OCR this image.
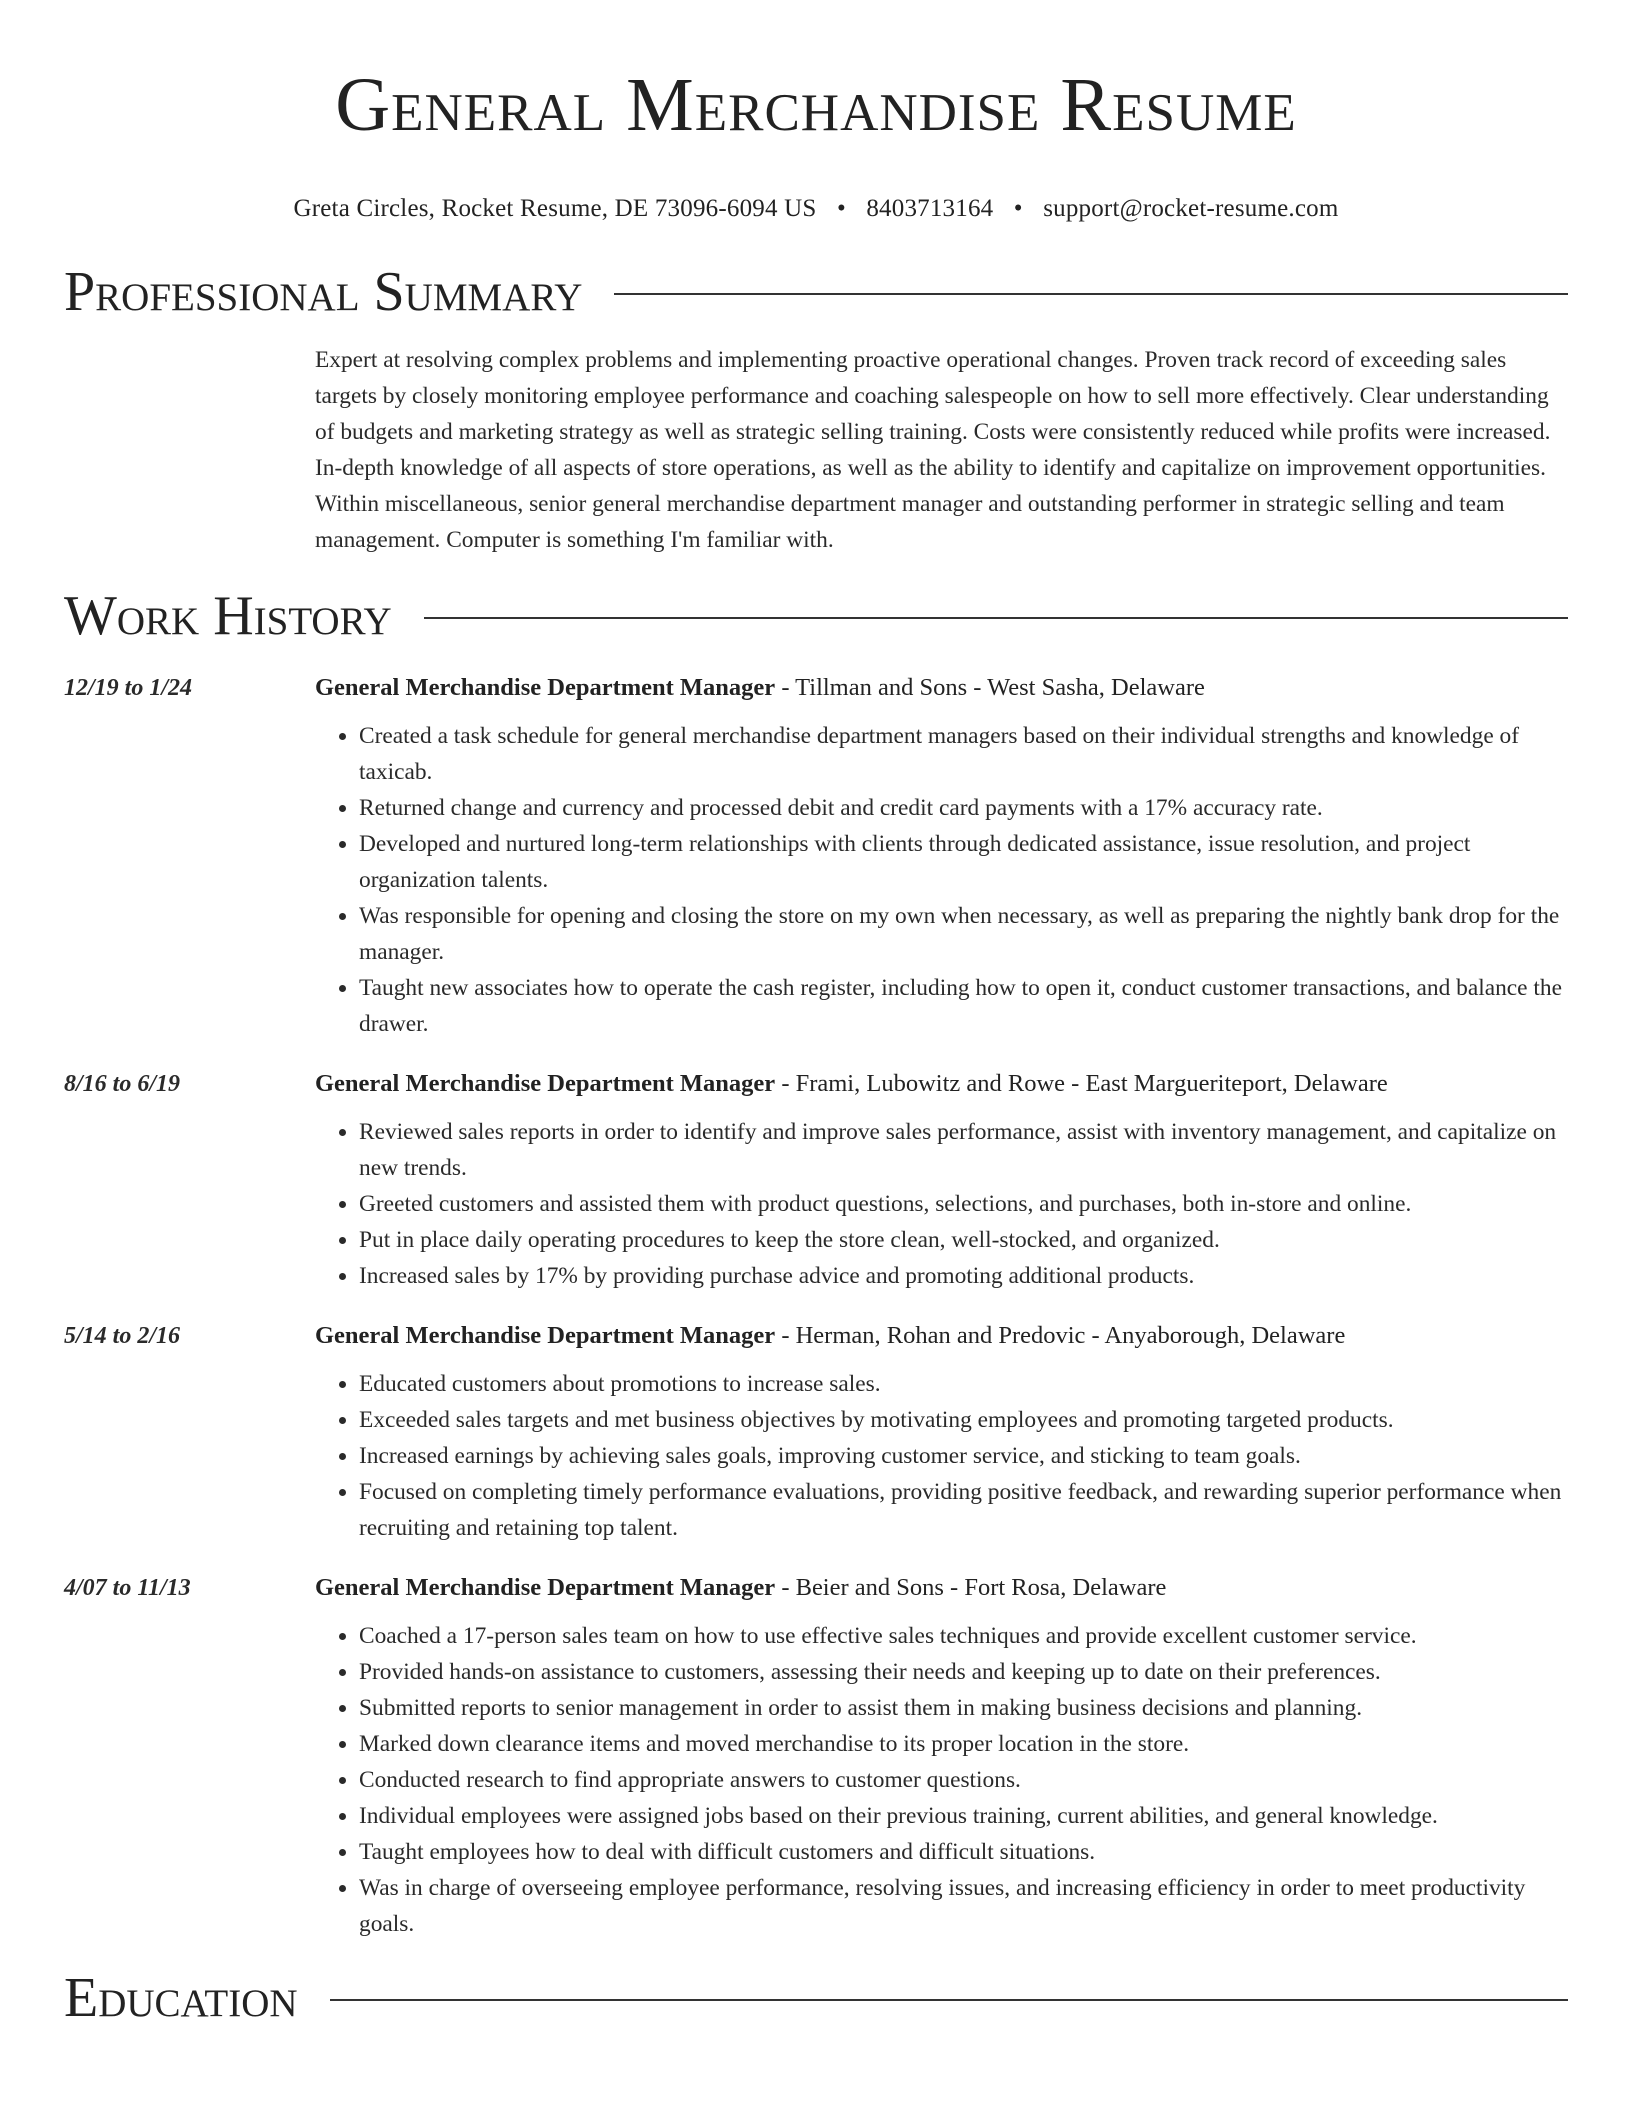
General Merchandise Resume
Greta Circles, Rocket Resume, DE 73096-6094 US • 8403713164 • support@rocket-resume.com
Professional Summary

Expert at resolving complex problems and implementing proactive operational changes. Proven track record of exceeding sales targets by closely monitoring employee performance and coaching salespeople on how to sell more effectively. Clear understanding of budgets and marketing strategy as well as strategic selling training. Costs were consistently reduced while profits were increased. In-depth knowledge of all aspects of store operations, as well as the ability to identify and capitalize on improvement opportunities. Within miscellaneous, senior general merchandise department manager and outstanding performer in strategic selling and team management. Computer is something I'm familiar with.

Work History
12/19 to 1/24	General Merchandise Department Manager - Tillman and Sons - West Sasha, Delaware
• Created a task schedule for general merchandise department managers based on their individual strengths and knowledge of taxicab.
• Returned change and currency and processed debit and credit card payments with a 17% accuracy rate.
• Developed and nurtured long-term relationships with clients through dedicated assistance, issue resolution, and project organization talents.
• Was responsible for opening and closing the store on my own when necessary, as well as preparing the nightly bank drop for the manager.
• Taught new associates how to operate the cash register, including how to open it, conduct customer transactions, and balance the drawer.
8/16 to 6/19	General Merchandise Department Manager - Frami, Lubowitz and Rowe - East Margueriteport, Delaware
• Reviewed sales reports in order to identify and improve sales performance, assist with inventory management, and capitalize on new trends.
• Greeted customers and assisted them with product questions, selections, and purchases, both in-store and online.
• Put in place daily operating procedures to keep the store clean, well-stocked, and organized.
• Increased sales by 17% by providing purchase advice and promoting additional products.
5/14 to 2/16	General Merchandise Department Manager - Herman, Rohan and Predovic - Anyaborough, Delaware
• Educated customers about promotions to increase sales.
• Exceeded sales targets and met business objectives by motivating employees and promoting targeted products.
• Increased earnings by achieving sales goals, improving customer service, and sticking to team goals.
• Focused on completing timely performance evaluations, providing positive feedback, and rewarding superior performance when recruiting and retaining top talent.
4/07 to 11/13	General Merchandise Department Manager - Beier and Sons - Fort Rosa, Delaware
• Coached a 17-person sales team on how to use effective sales techniques and provide excellent customer service.
• Provided hands-on assistance to customers, assessing their needs and keeping up to date on their preferences.
• Submitted reports to senior management in order to assist them in making business decisions and planning.
• Marked down clearance items and moved merchandise to its proper location in the store.
• Conducted research to find appropriate answers to customer questions.
• Individual employees were assigned jobs based on their previous training, current abilities, and general knowledge.
• Taught employees how to deal with difficult customers and difficult situations.
• Was in charge of overseeing employee performance, resolving issues, and increasing efficiency in order to meet productivity goals.
Education
